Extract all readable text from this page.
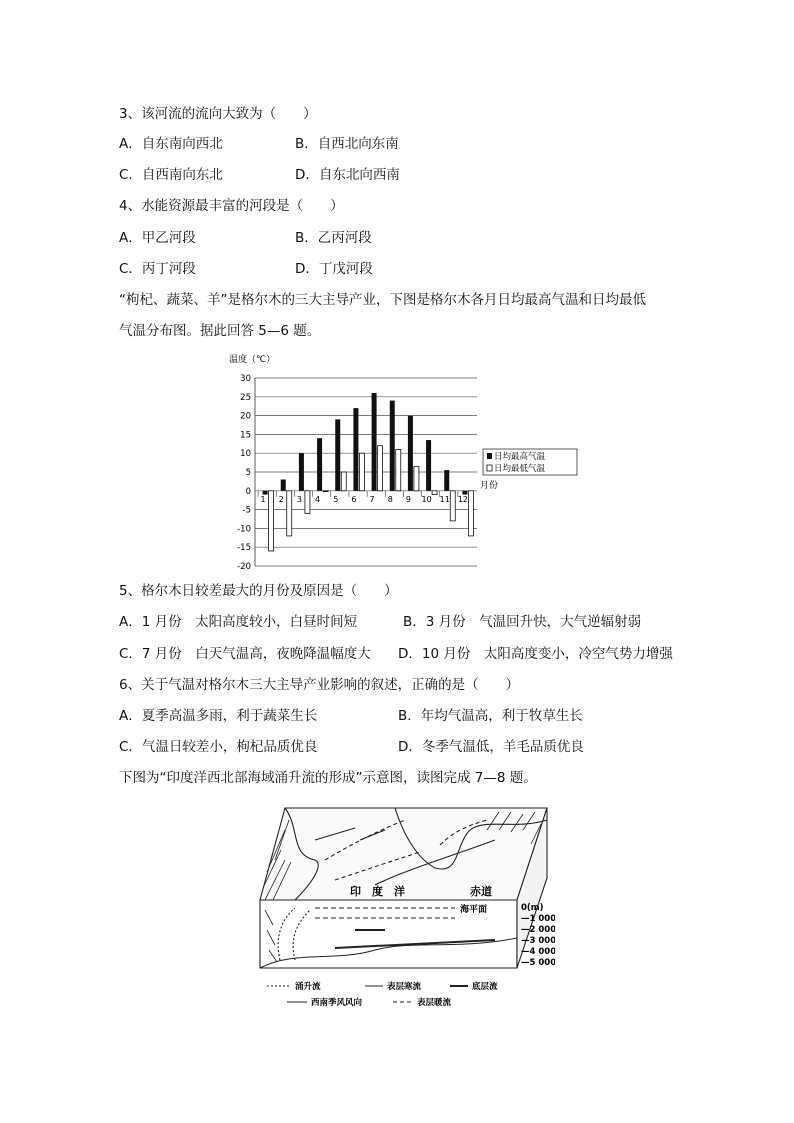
3、该河流的流向大致为（　　）
A．自东南向西北	B．自西北向东南
C．自西南向东北	D．自东北向西南
4、水能资源最丰富的河段是（　　）
A．甲乙河段	B．乙丙河段
C．丙丁河段	D．丁戊河段
“枸杞、蔬菜、羊”是格尔木的三大主导产业，下图是格尔木各月日均最高气温和日均最低
气温分布图。据此回答 5—6 题。
温度（℃）
30
25
20
15
10
5
0
-5
-10
-15
-20
1 2 3 4 5 6 7 8 9 10 11 12
月份
日均最高气温
日均最低气温
5、格尔木日较差最大的月份及原因是（　　）
A．1 月份　太阳高度较小，白昼时间短	B．3 月份　气温回升快，大气逆辐射弱
C．7 月份　白天气温高，夜晚降温幅度大 D．10 月份　太阳高度变小，冷空气势力增强
6、关于气温对格尔木三大主导产业影响的叙述，正确的是（　　）
A．夏季高温多雨，利于蔬菜生长	B．年均气温高，利于牧草生长
C．气温日较差小，枸杞品质优良	D．冬季气温低，羊毛品质优良
下图为“印度洋西北部海域涌升流的形成”示意图，读图完成 7—8 题。
印　度　洋	赤道
海平面	0(m)
—1 000
—2 000
—3 000
—4 000
—5 000
涌升流	表层寒流	底层流
西南季风风向	表层暖流
